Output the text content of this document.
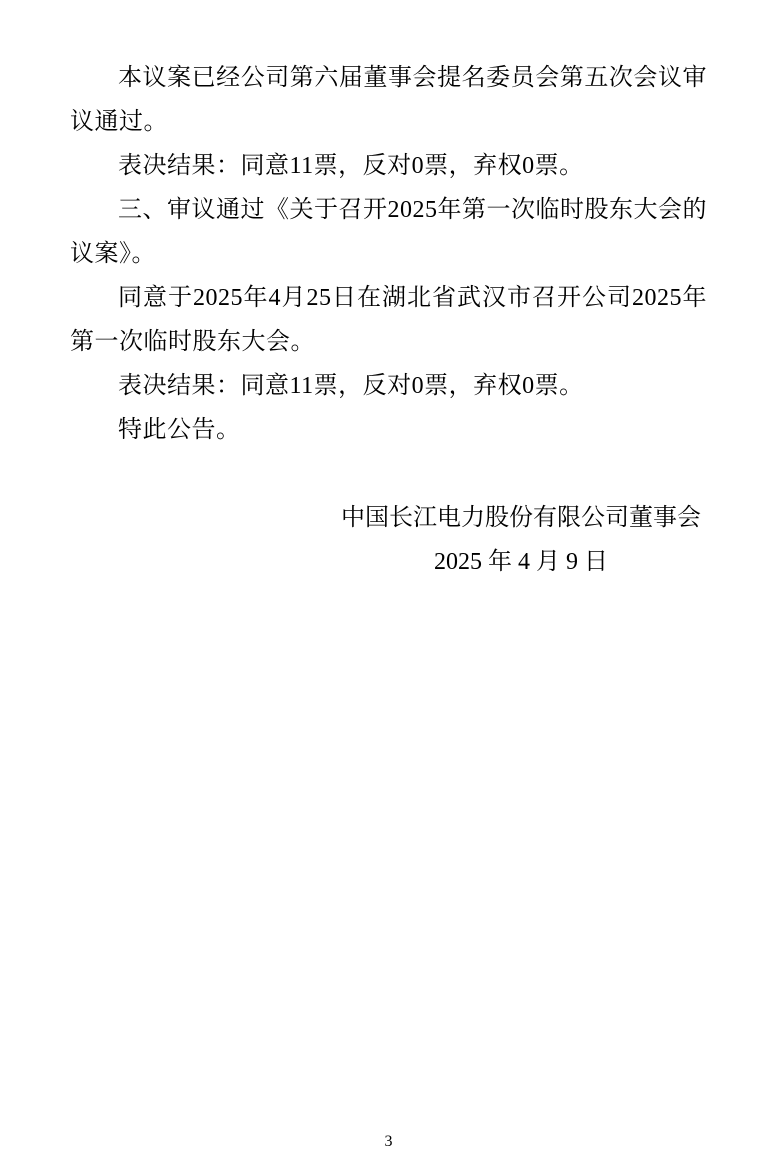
本议案已经公司第六届董事会提名委员会第五次会议审议通过。

表决结果：同意11票，反对0票，弃权0票。

三、审议通过《关于召开2025年第一次临时股东大会的议案》。

同意于2025年4月25日在湖北省武汉市召开公司2025年第一次临时股东大会。

表决结果：同意11票，反对0票，弃权0票。

特此公告。

中国长江电力股份有限公司董事会
2025 年 4 月 9 日
3
